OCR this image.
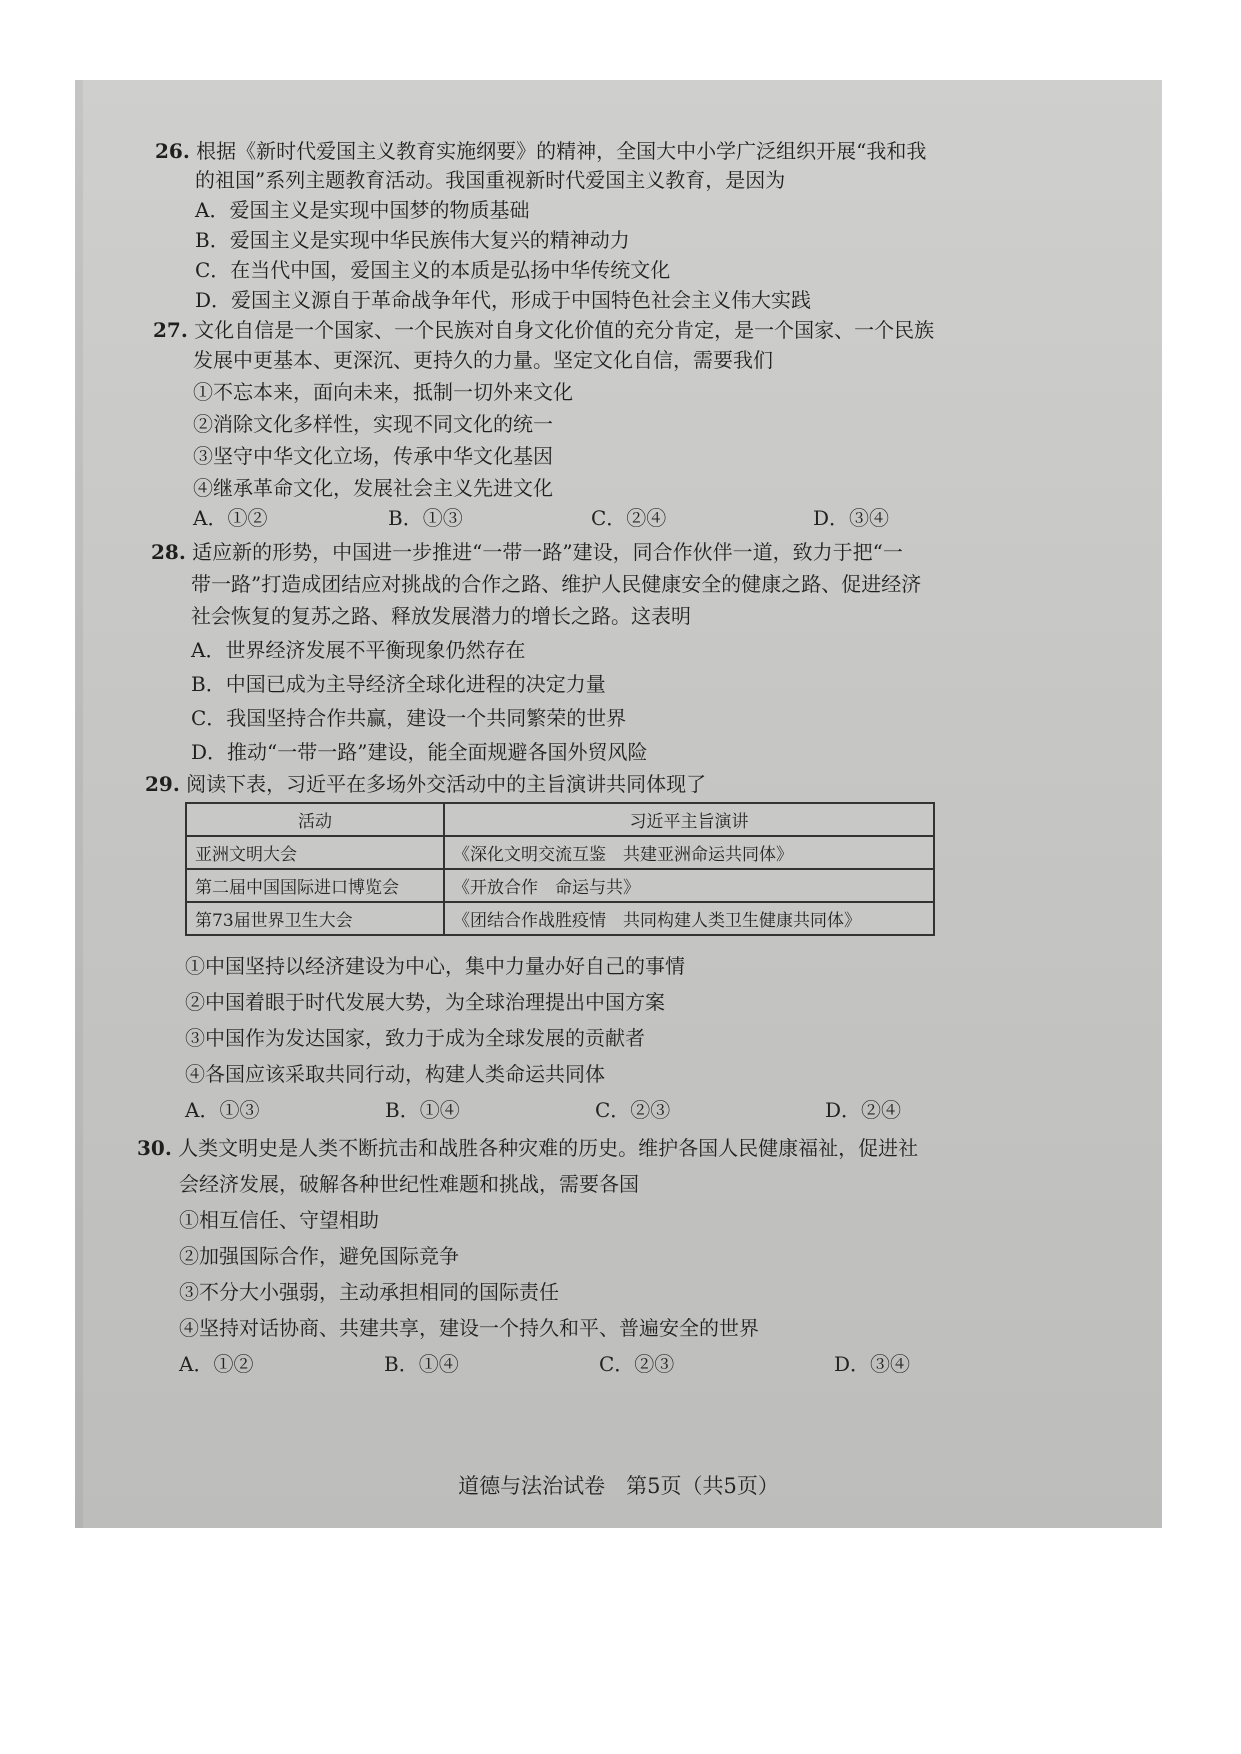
26. 根据《新时代爱国主义教育实施纲要》的精神，全国大中小学广泛组织开展“我和我
的祖国”系列主题教育活动。我国重视新时代爱国主义教育，是因为
A．爱国主义是实现中国梦的物质基础
B．爱国主义是实现中华民族伟大复兴的精神动力
C．在当代中国，爱国主义的本质是弘扬中华传统文化
D．爱国主义源自于革命战争年代，形成于中国特色社会主义伟大实践
27. 文化自信是一个国家、一个民族对自身文化价值的充分肯定，是一个国家、一个民族
发展中更基本、更深沉、更持久的力量。坚定文化自信，需要我们
①不忘本来，面向未来，抵制一切外来文化
②消除文化多样性，实现不同文化的统一
③坚守中华文化立场，传承中华文化基因
④继承革命文化，发展社会主义先进文化
A．①②	B．①③	C．②④	D．③④
28. 适应新的形势，中国进一步推进“一带一路”建设，同合作伙伴一道，致力于把“一
带一路”打造成团结应对挑战的合作之路、维护人民健康安全的健康之路、促进经济
社会恢复的复苏之路、释放发展潜力的增长之路。这表明
A．世界经济发展不平衡现象仍然存在
B．中国已成为主导经济全球化进程的决定力量
C．我国坚持合作共赢，建设一个共同繁荣的世界
D．推动“一带一路”建设，能全面规避各国外贸风险
29. 阅读下表，习近平在多场外交活动中的主旨演讲共同体现了
活动	习近平主旨演讲
亚洲文明大会	《深化文明交流互鉴　共建亚洲命运共同体》
第二届中国国际进口博览会	《开放合作　命运与共》
第73届世界卫生大会	《团结合作战胜疫情　共同构建人类卫生健康共同体》
①中国坚持以经济建设为中心，集中力量办好自己的事情
②中国着眼于时代发展大势，为全球治理提出中国方案
③中国作为发达国家，致力于成为全球发展的贡献者
④各国应该采取共同行动，构建人类命运共同体
A．①③	B．①④	C．②③	D．②④
30. 人类文明史是人类不断抗击和战胜各种灾难的历史。维护各国人民健康福祉，促进社
会经济发展，破解各种世纪性难题和挑战，需要各国
①相互信任、守望相助
②加强国际合作，避免国际竞争
③不分大小强弱，主动承担相同的国际责任
④坚持对话协商、共建共享，建设一个持久和平、普遍安全的世界
A．①②	B．①④	C．②③	D．③④
道德与法治试卷　第5页（共5页）
